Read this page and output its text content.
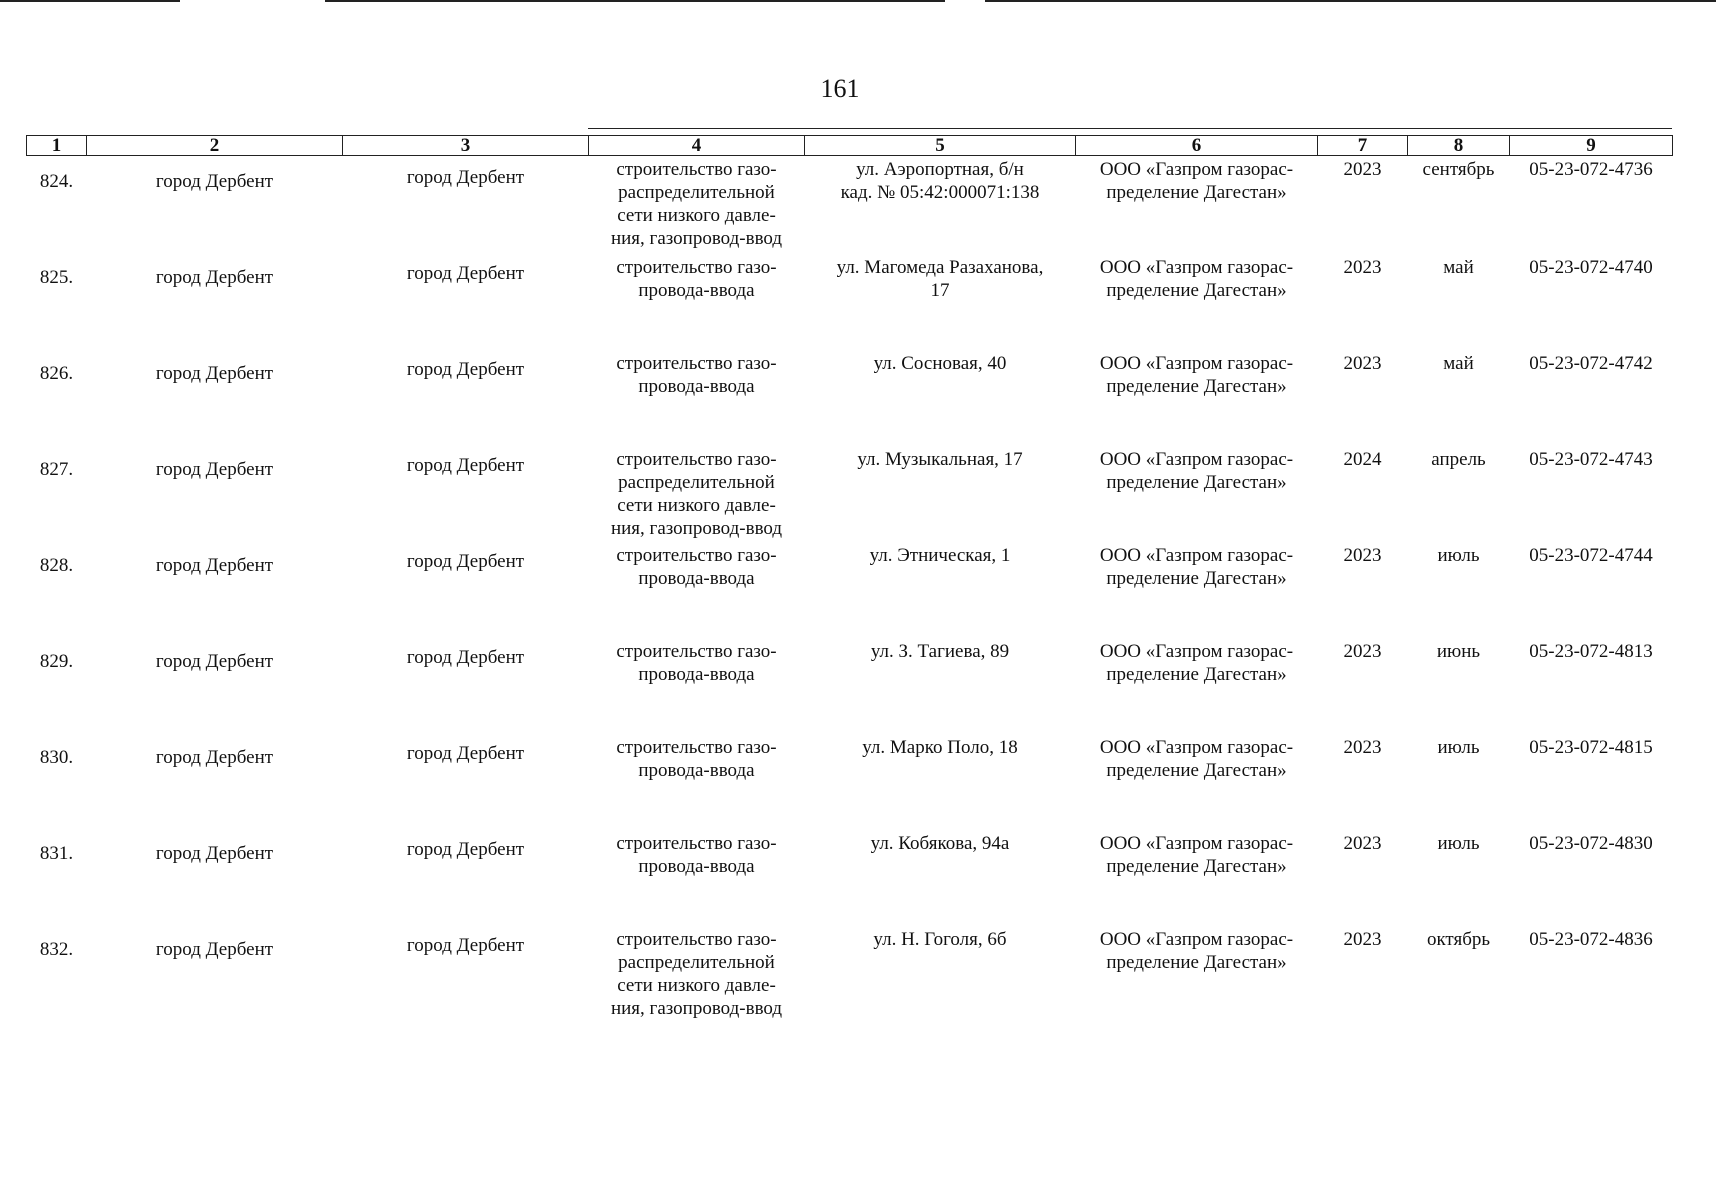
161
1	2	3	4	5	6	7	8	9
824.	город Дербент	город Дербент	строительство газо-
распределительной
сети низкого давле-
ния, газопровод-ввод	ул. Аэропортная, б/н
кад. № 05:42:000071:138	ООО «Газпром газорас-
пределение Дагестан»	2023	сентябрь	05-23-072-4736
825.	город Дербент	город Дербент	строительство газо-
провода-ввода	ул. Магомеда Разаханова,
17	ООО «Газпром газорас-
пределение Дагестан»	2023	май	05-23-072-4740
826.	город Дербент	город Дербент	строительство газо-
провода-ввода	ул. Сосновая, 40	ООО «Газпром газорас-
пределение Дагестан»	2023	май	05-23-072-4742
827.	город Дербент	город Дербент	строительство газо-
распределительной
сети низкого давле-
ния, газопровод-ввод	ул. Музыкальная, 17	ООО «Газпром газорас-
пределение Дагестан»	2024	апрель	05-23-072-4743
828.	город Дербент	город Дербент	строительство газо-
провода-ввода	ул. Этническая, 1	ООО «Газпром газорас-
пределение Дагестан»	2023	июль	05-23-072-4744
829.	город Дербент	город Дербент	строительство газо-
провода-ввода	ул. З. Тагиева, 89	ООО «Газпром газорас-
пределение Дагестан»	2023	июнь	05-23-072-4813
830.	город Дербент	город Дербент	строительство газо-
провода-ввода	ул. Марко Поло, 18	ООО «Газпром газорас-
пределение Дагестан»	2023	июль	05-23-072-4815
831.	город Дербент	город Дербент	строительство газо-
провода-ввода	ул. Кобякова, 94а	ООО «Газпром газорас-
пределение Дагестан»	2023	июль	05-23-072-4830
832.	город Дербент	город Дербент	строительство газо-
распределительной
сети низкого давле-
ния, газопровод-ввод	ул. Н. Гоголя, 6б	ООО «Газпром газорас-
пределение Дагестан»	2023	октябрь	05-23-072-4836
